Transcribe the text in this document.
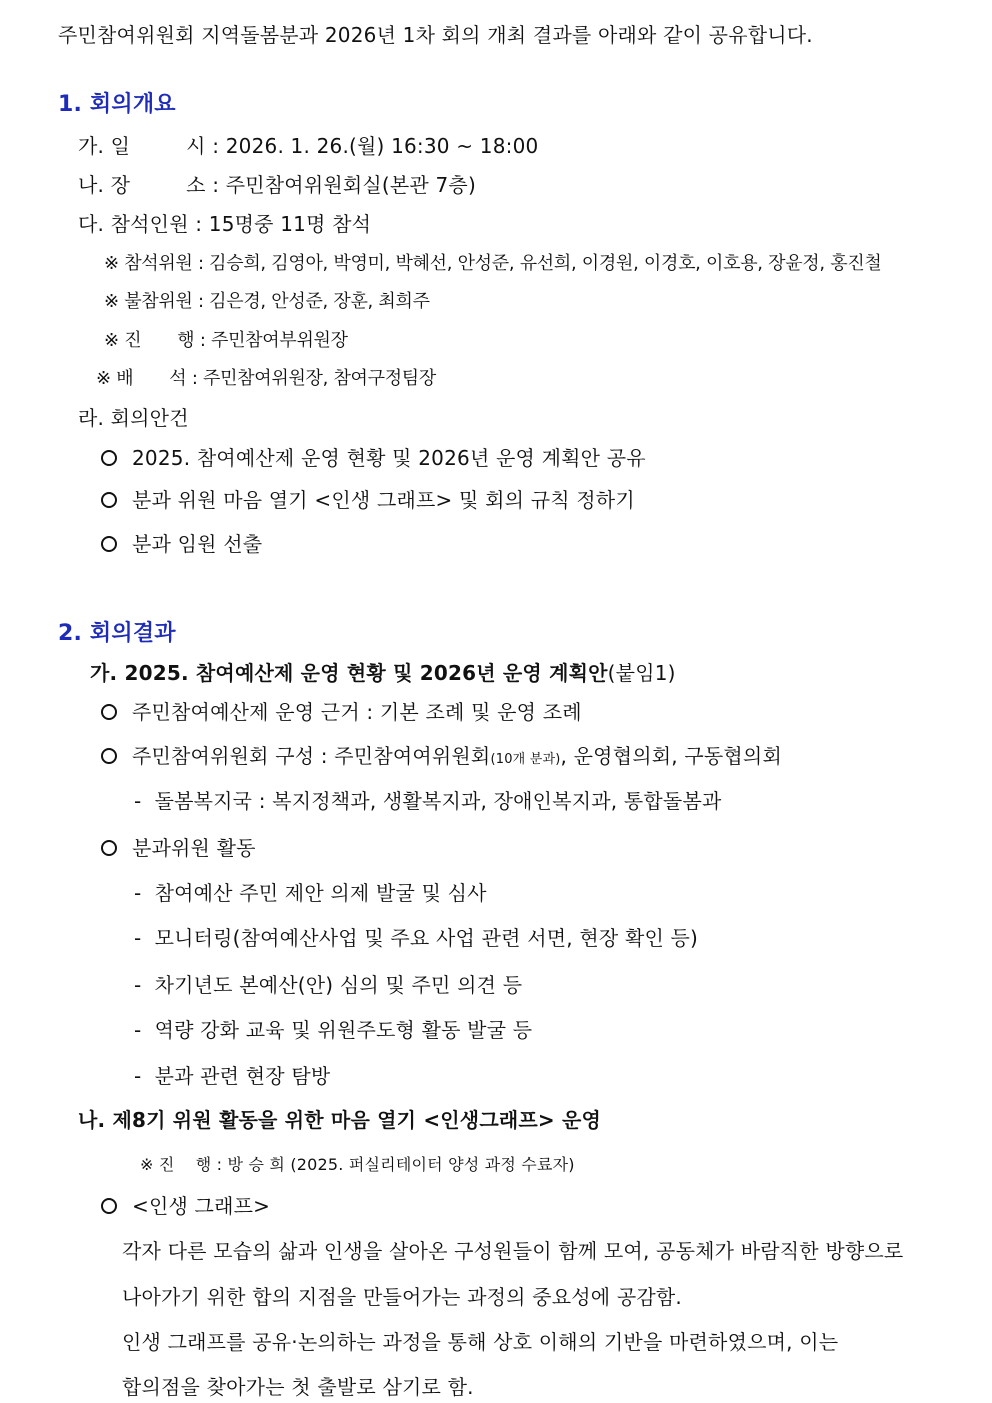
주민참여위원회 지역돌봄분과 2026년 1차 회의 개최 결과를 아래와 같이 공유합니다.
1. 회의개요
가. 일	시 : 2026. 1. 26.(월) 16:30 ~ 18:00
나. 장	소 : 주민참여위원회실(본관 7층)
다. 참석인원 : 15명중 11명 참석
※ 참석위원 : 김승희, 김영아, 박영미, 박혜선, 안성준, 유선희, 이경원, 이경호, 이호용, 장윤정, 홍진철
※ 불참위원 : 김은경, 안성준, 장훈, 최희주
※ 진 행 : 주민참여부위원장
※ 배 석 : 주민참여위원장, 참여구정팀장
라. 회의안건
2025. 참여예산제 운영 현황 및 2026년 운영 계획안 공유
분과 위원 마음 열기 <인생 그래프> 및 회의 규칙 정하기
분과 임원 선출
2. 회의결과
가. 2025. 참여예산제 운영 현황 및 2026년 운영 계획안(붙임1)
주민참여예산제 운영 근거 : 기본 조례 및 운영 조례
주민참여위원회 구성 : 주민참여여위원회(10개 분과), 운영협의회, 구동협의회
- 돌봄복지국 : 복지정책과, 생활복지과, 장애인복지과, 통합돌봄과
분과위원 활동
- 참여예산 주민 제안 의제 발굴 및 심사
- 모니터링(참여예산사업 및 주요 사업 관련 서면, 현장 확인 등)
- 차기년도 본예산(안) 심의 및 주민 의견 등
- 역량 강화 교육 및 위원주도형 활동 발굴 등
- 분과 관련 현장 탐방
나. 제8기 위원 활동을 위한 마음 열기 <인생그래프> 운영
※ 진    행 : 방 승 희 (2025. 퍼실리테이터 양성 과정 수료자)
<인생 그래프>
각자 다른 모습의 삶과 인생을 살아온 구성원들이 함께 모여, 공동체가 바람직한 방향으로
나아가기 위한 합의 지점을 만들어가는 과정의 중요성에 공감함.
인생 그래프를 공유·논의하는 과정을 통해 상호 이해의 기반을 마련하였으며, 이는
합의점을 찾아가는 첫 출발로 삼기로 함.
